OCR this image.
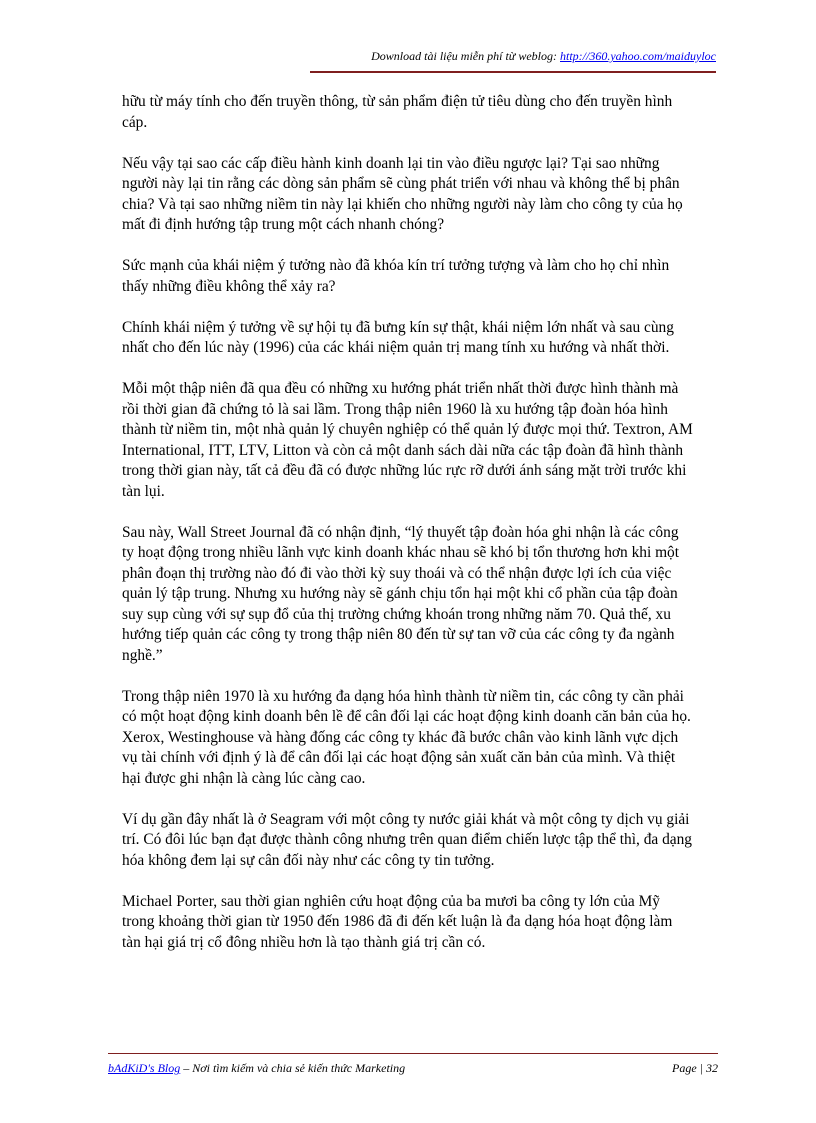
Download tài liệu miễn phí từ weblog: http://360.yahoo.com/maiduyloc

hữu từ máy tính cho đến truyền thông, từ sản phẩm điện tử tiêu dùng cho đến truyền hình cáp.

Nếu vậy tại sao các cấp điều hành kinh doanh lại tin vào điều ngược lại? Tại sao những người này lại tin rằng các dòng sản phẩm sẽ cùng phát triển với nhau và không thể bị phân chia? Và tại sao những niềm tin này lại khiến cho những người này làm cho công ty của họ mất đi định hướng tập trung một cách nhanh chóng?

Sức mạnh của khái niệm ý tưởng nào đã khóa kín trí tưởng tượng và làm cho họ chỉ nhìn thấy những điều không thể xảy ra?

Chính khái niệm ý tưởng về sự hội tụ đã bưng kín sự thật, khái niệm lớn nhất và sau cùng nhất cho đến lúc này (1996) của các khái niệm quản trị mang tính xu hướng và nhất thời.

Mỗi một thập niên đã qua đều có những xu hướng phát triển nhất thời được hình thành mà rồi thời gian đã chứng tỏ là sai lầm. Trong thập niên 1960 là xu hướng tập đoàn hóa hình thành từ niềm tin, một nhà quản lý chuyên nghiệp có thể quản lý được mọi thứ. Textron, AM International, ITT, LTV, Litton và còn cả một danh sách dài nữa các tập đoàn đã hình thành trong thời gian này, tất cả đều đã có được những lúc rực rỡ dưới ánh sáng mặt trời trước khi tàn lụi.

Sau này, Wall Street Journal đã có nhận định, “lý thuyết tập đoàn hóa ghi nhận là các công ty hoạt động trong nhiều lãnh vực kinh doanh khác nhau sẽ khó bị tổn thương hơn khi một phân đoạn thị trường nào đó đi vào thời kỳ suy thoái và có thể nhận được lợi ích của việc quản lý tập trung. Nhưng xu hướng này sẽ gánh chịu tổn hại một khi cổ phần của tập đoàn suy sụp cùng với sự sụp đổ của thị trường chứng khoán trong những năm 70. Quả thế, xu hướng tiếp quản các công ty trong thập niên 80 đến từ sự tan vỡ của các công ty đa ngành nghề.”

Trong thập niên 1970 là xu hướng đa dạng hóa hình thành từ niềm tin, các công ty cần phải có một hoạt động kinh doanh bên lề để cân đối lại các hoạt động kinh doanh căn bản của họ. Xerox, Westinghouse và hàng đống các công ty khác đã bước chân vào kinh lãnh vực dịch vụ tài chính với định ý là để cân đối lại các hoạt động sản xuất căn bản của mình. Và thiệt hại được ghi nhận là càng lúc càng cao.

Ví dụ gần đây nhất là ở Seagram với một công ty nước giải khát và một công ty dịch vụ giải trí. Có đôi lúc bạn đạt được thành công nhưng trên quan điểm chiến lược tập thể thì, đa dạng hóa không đem lại sự cân đối này như các công ty tin tưởng.

Michael Porter, sau thời gian nghiên cứu hoạt động của ba mươi ba công ty lớn của Mỹ trong khoảng thời gian từ 1950 đến 1986 đã đi đến kết luận là đa dạng hóa hoạt động làm tàn hại giá trị cổ đông nhiều hơn là tạo thành giá trị cần có.

bAdKiD's Blog – Nơi tìm kiếm và chia sẻ kiến thức Marketing	Page | 32
